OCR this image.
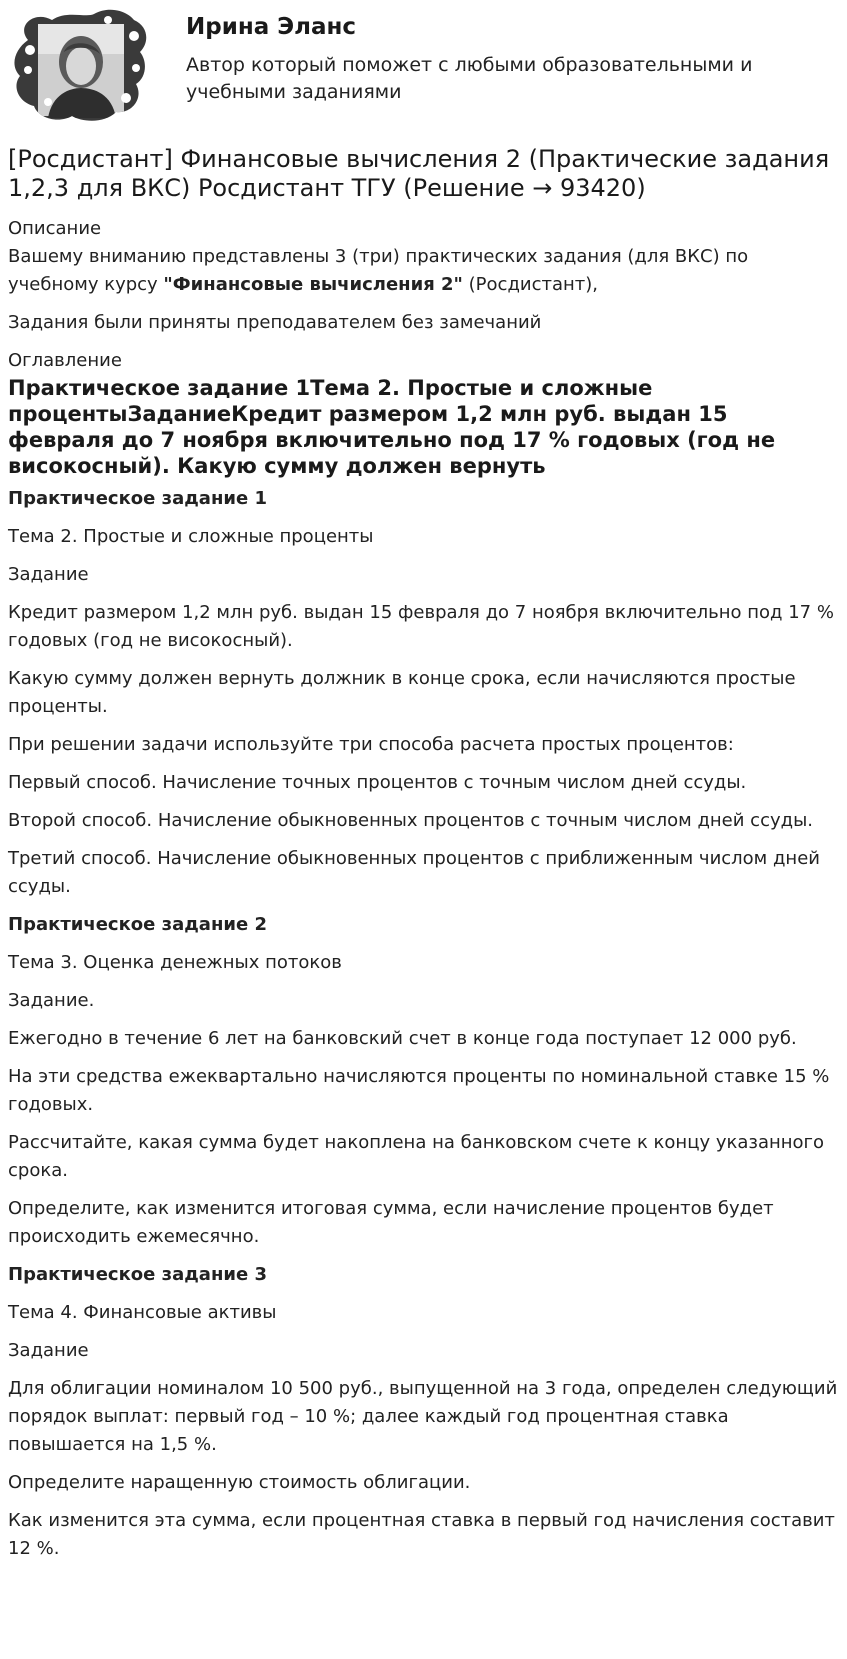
Ирина Эланс
Автор который поможет с любыми образовательными и учебными заданиями
[Росдистант] Финансовые вычисления 2 (Практические задания 1,2,3 для ВКС) Росдистант ТГУ (Решение → 93420)
Описание

Вашему вниманию представлены 3 (три) практических задания (для ВКС) по учебному курсу "Финансовые вычисления 2" (Росдистант),

Задания были приняты преподавателем без замечаний

Оглавление
Практическое задание 1Тема 2. Простые и сложные процентыЗаданиеКредит размером 1,2 млн руб. выдан 15 февраля до 7 ноября включительно под 17 % годовых (год не високосный). Какую сумму должен вернуть

Практическое задание 1

Тема 2. Простые и сложные проценты

Задание

Кредит размером 1,2 млн руб. выдан 15 февраля до 7 ноября включительно под 17 % годовых (год не високосный).

Какую сумму должен вернуть должник в конце срока, если начисляются простые проценты.

При решении задачи используйте три способа расчета простых процентов:

Первый способ. Начисление точных процентов с точным числом дней ссуды.

Второй способ. Начисление обыкновенных процентов с точным числом дней ссуды.

Третий способ. Начисление обыкновенных процентов с приближенным числом дней ссуды.

Практическое задание 2

Тема 3. Оценка денежных потоков

Задание.

Ежегодно в течение 6 лет на банковский счет в конце года поступает 12 000 руб.

На эти средства ежеквартально начисляются проценты по номинальной ставке 15 % годовых.

Рассчитайте, какая сумма будет накоплена на банковском счете к концу указанного срока.

Определите, как изменится итоговая сумма, если начисление процентов будет происходить ежемесячно.

Практическое задание 3

Тема 4. Финансовые активы

Задание

Для облигации номиналом 10 500 руб., выпущенной на 3 года, определен следующий порядок выплат: первый год – 10 %; далее каждый год процентная ставка повышается на 1,5 %.

Определите наращенную стоимость облигации.

Как изменится эта сумма, если процентная ставка в первый год начисления составит 12 %.
